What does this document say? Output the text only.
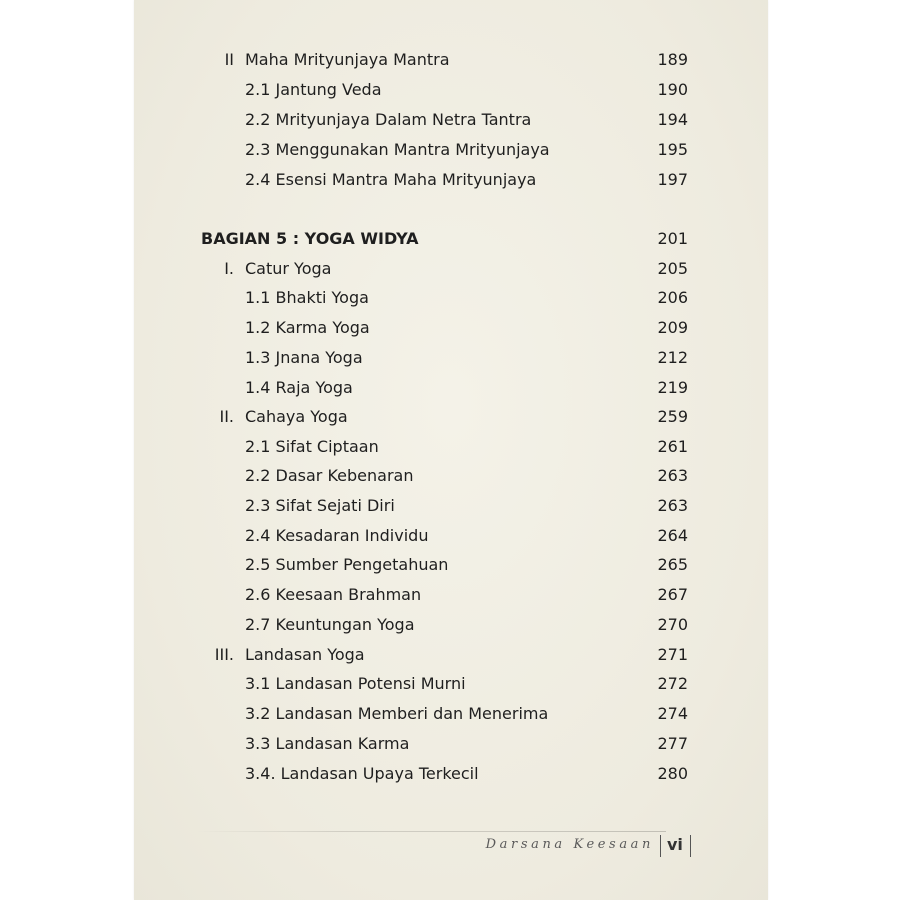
II Maha Mrityunjaya Mantra	189
2.1 Jantung Veda	190
2.2 Mrityunjaya Dalam Netra Tantra	194
2.3 Menggunakan Mantra Mrityunjaya	195
2.4 Esensi Mantra Maha Mrityunjaya	197
BAGIAN 5 : YOGA WIDYA	201
I. Catur Yoga	205
1.1 Bhakti Yoga	206
1.2 Karma Yoga	209
1.3 Jnana Yoga	212
1.4 Raja Yoga	219
II. Cahaya Yoga	259
2.1 Sifat Ciptaan	261
2.2 Dasar Kebenaran	263
2.3 Sifat Sejati Diri	263
2.4 Kesadaran Individu	264
2.5 Sumber Pengetahuan	265
2.6 Keesaan Brahman	267
2.7 Keuntungan Yoga	270
III. Landasan Yoga	271
3.1 Landasan Potensi Murni	272
3.2 Landasan Memberi dan Menerima	274
3.3 Landasan Karma	277
3.4. Landasan Upaya Terkecil	280
Darsana Keesaan vi
